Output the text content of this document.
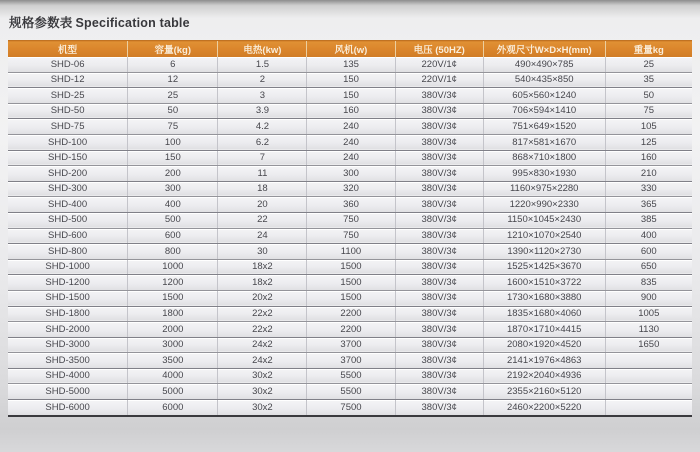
规格参数表 Specification table
机型	容量(kg)	电热(kw)	风机(w)	电压 (50HZ)	外观尺寸W×D×H(mm)	重量kg
SHD-06	6	1.5	135	220V/1¢	490×490×785	25
SHD-12	12	2	150	220V/1¢	540×435×850	35
SHD-25	25	3	150	380V/3¢	605×560×1240	50
SHD-50	50	3.9	160	380V/3¢	706×594×1410	75
SHD-75	75	4.2	240	380V/3¢	751×649×1520	105
SHD-100	100	6.2	240	380V/3¢	817×581×1670	125
SHD-150	150	7	240	380V/3¢	868×710×1800	160
SHD-200	200	11	300	380V/3¢	995×830×1930	210
SHD-300	300	18	320	380V/3¢	1160×975×2280	330
SHD-400	400	20	360	380V/3¢	1220×990×2330	365
SHD-500	500	22	750	380V/3¢	1150×1045×2430	385
SHD-600	600	24	750	380V/3¢	1210×1070×2540	400
SHD-800	800	30	1100	380V/3¢	1390×1120×2730	600
SHD-1000	1000	18x2	1500	380V/3¢	1525×1425×3670	650
SHD-1200	1200	18x2	1500	380V/3¢	1600×1510×3722	835
SHD-1500	1500	20x2	1500	380V/3¢	1730×1680×3880	900
SHD-1800	1800	22x2	2200	380V/3¢	1835×1680×4060	1005
SHD-2000	2000	22x2	2200	380V/3¢	1870×1710×4415	1130
SHD-3000	3000	24x2	3700	380V/3¢	2080×1920×4520	1650
SHD-3500	3500	24x2	3700	380V/3¢	2141×1976×4863	
SHD-4000	4000	30x2	5500	380V/3¢	2192×2040×4936	
SHD-5000	5000	30x2	5500	380V/3¢	2355×2160×5120	
SHD-6000	6000	30x2	7500	380V/3¢	2460×2200×5220	
